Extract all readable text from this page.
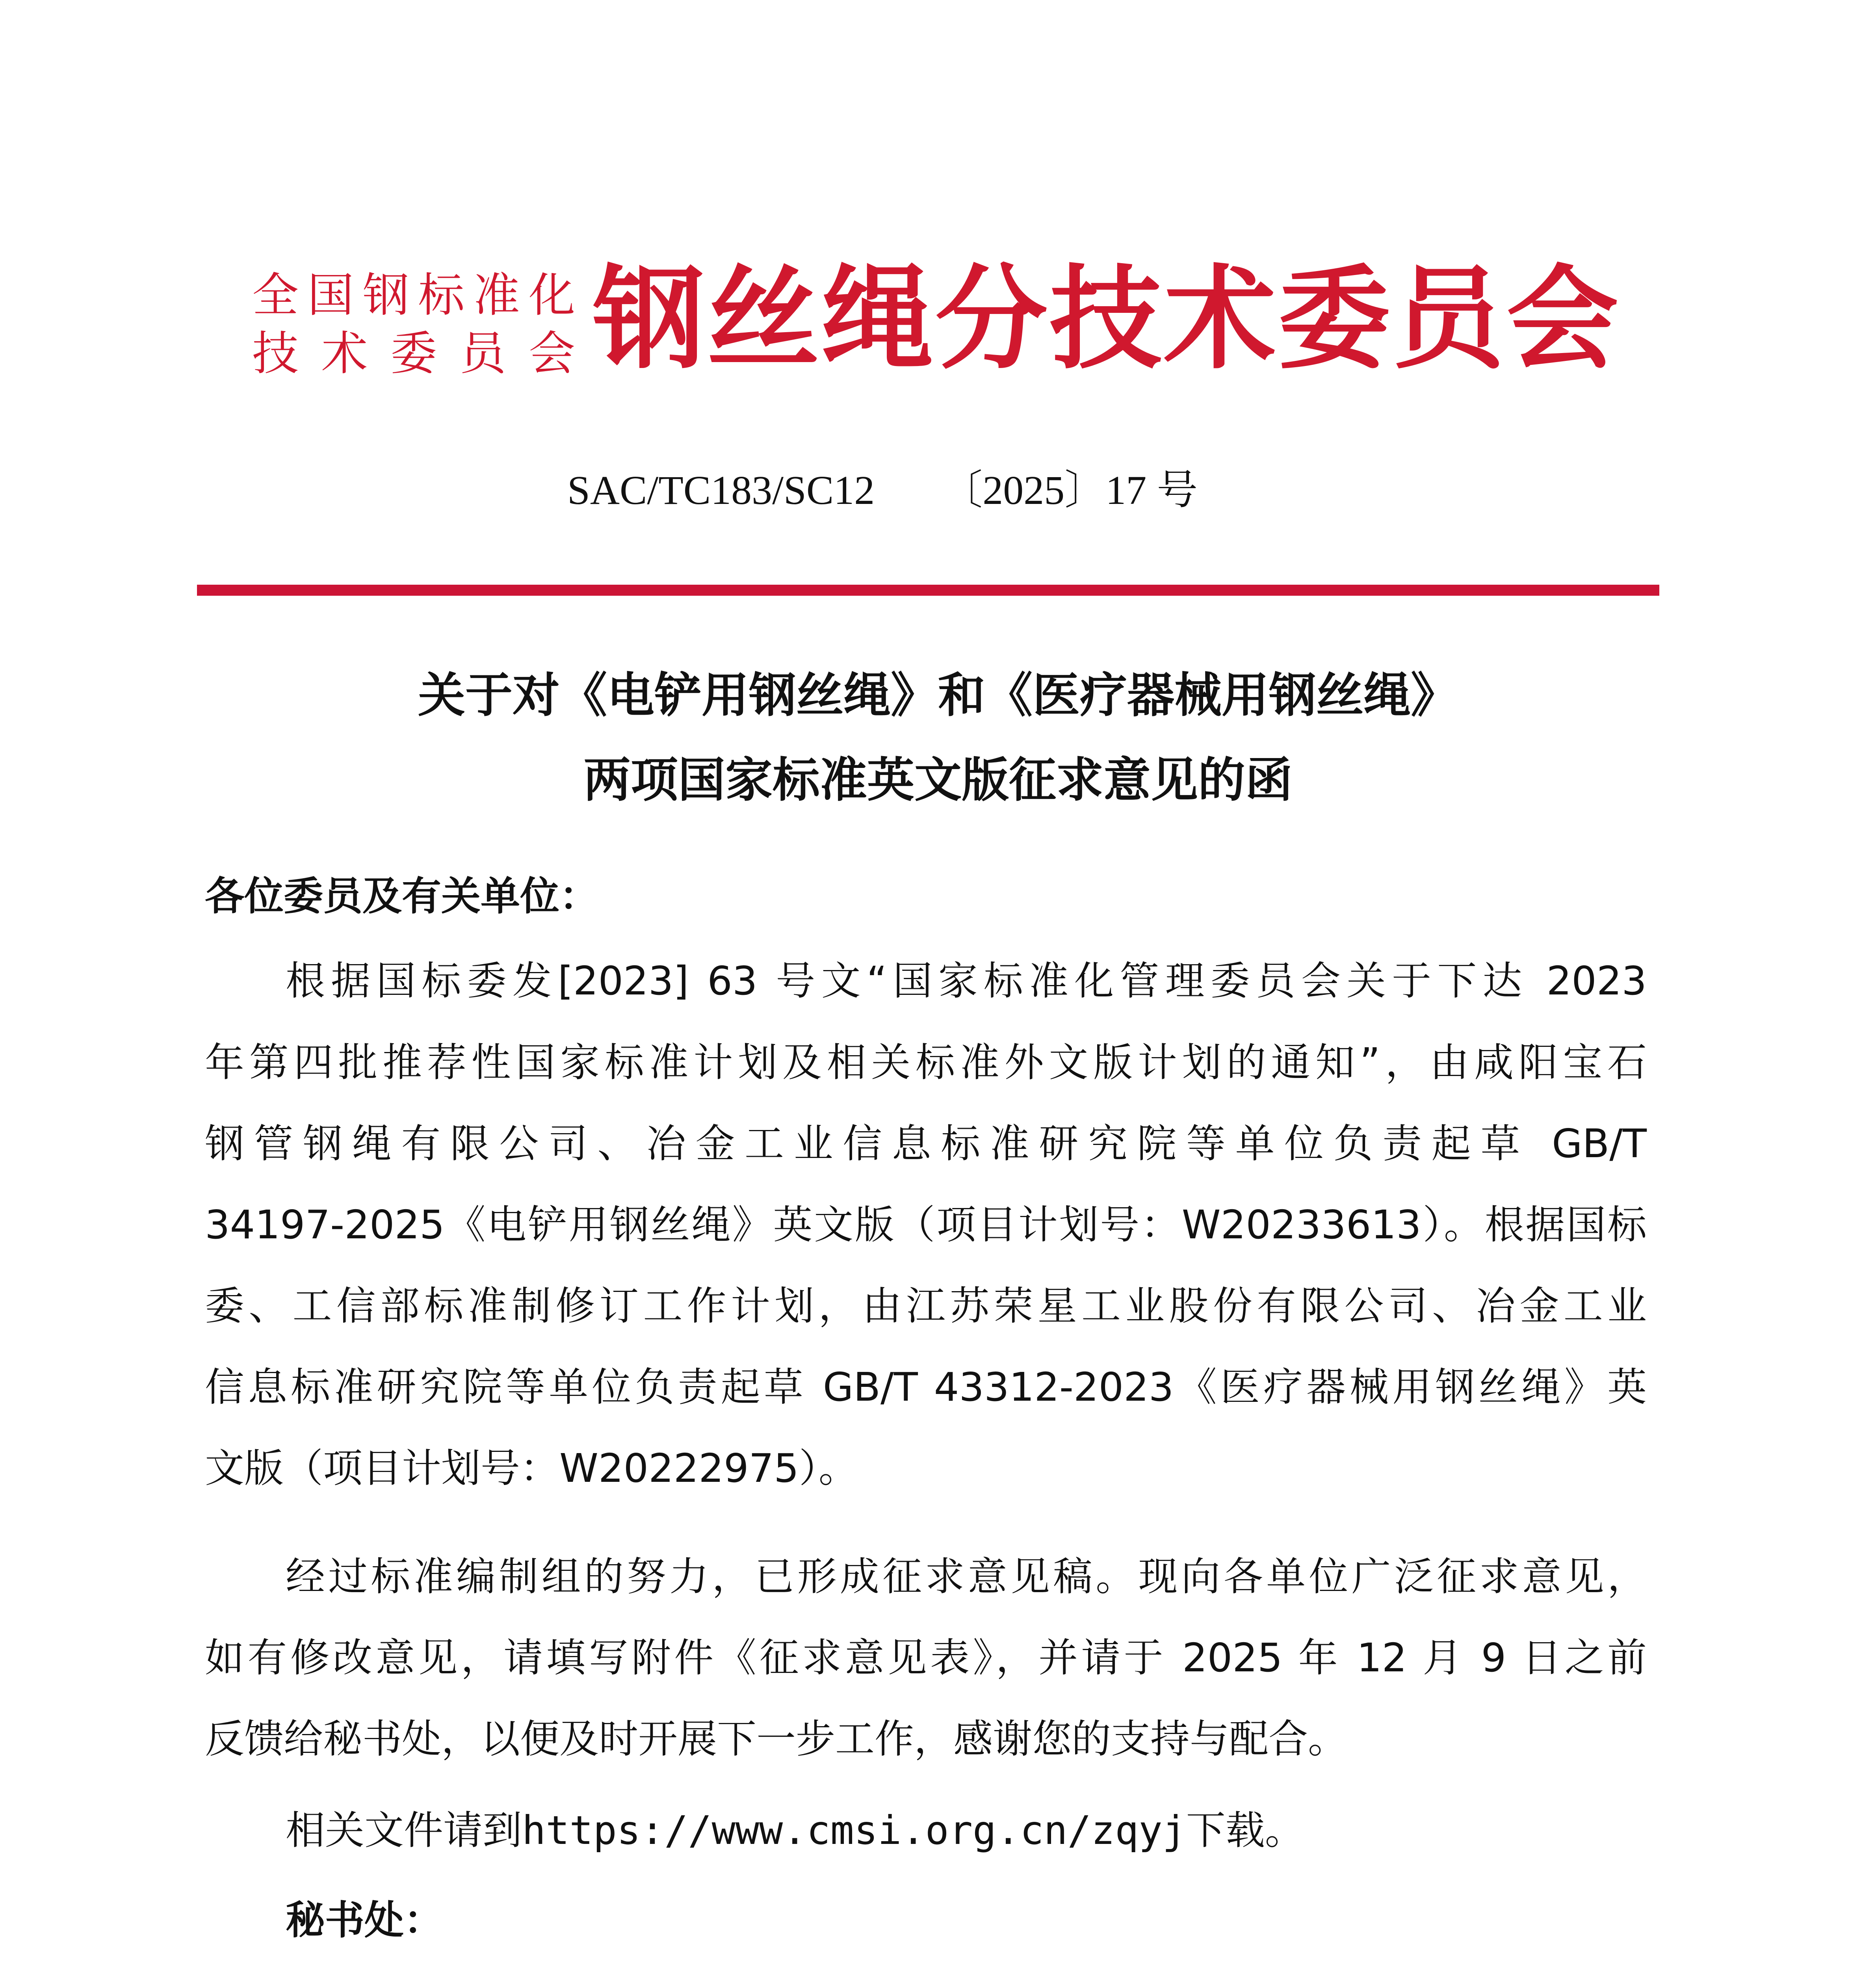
全国钢标准化
技术委员会 钢丝绳分技术委员会
SAC/TC183/SC12 〔2025〕17 号
关于对《电铲用钢丝绳》和《医疗器械用钢丝绳》
两项国家标准英文版征求意见的函
各位委员及有关单位：
根据国标委发[2023] 63 号文“国家标准化管理委员会关于下达 2023
年第四批推荐性国家标准计划及相关标准外文版计划的通知”，由咸阳宝石
钢管钢绳有限公司、冶金工业信息标准研究院等单位负责起草 GB/T
34197-2025《电铲用钢丝绳》英文版（项目计划号：W20233613）。根据国标
委、工信部标准制修订工作计划，由江苏荣星工业股份有限公司、冶金工业
信息标准研究院等单位负责起草 GB/T 43312-2023《医疗器械用钢丝绳》英
文版（项目计划号：W20222975）。
经过标准编制组的努力，已形成征求意见稿。现向各单位广泛征求意见，
如有修改意见，请填写附件《征求意见表》，并请于 2025 年 12 月 9 日之前
反馈给秘书处，以便及时开展下一步工作，感谢您的支持与配合。
相关文件请到https://www.cmsi.org.cn/zqyj下载。
秘书处：
